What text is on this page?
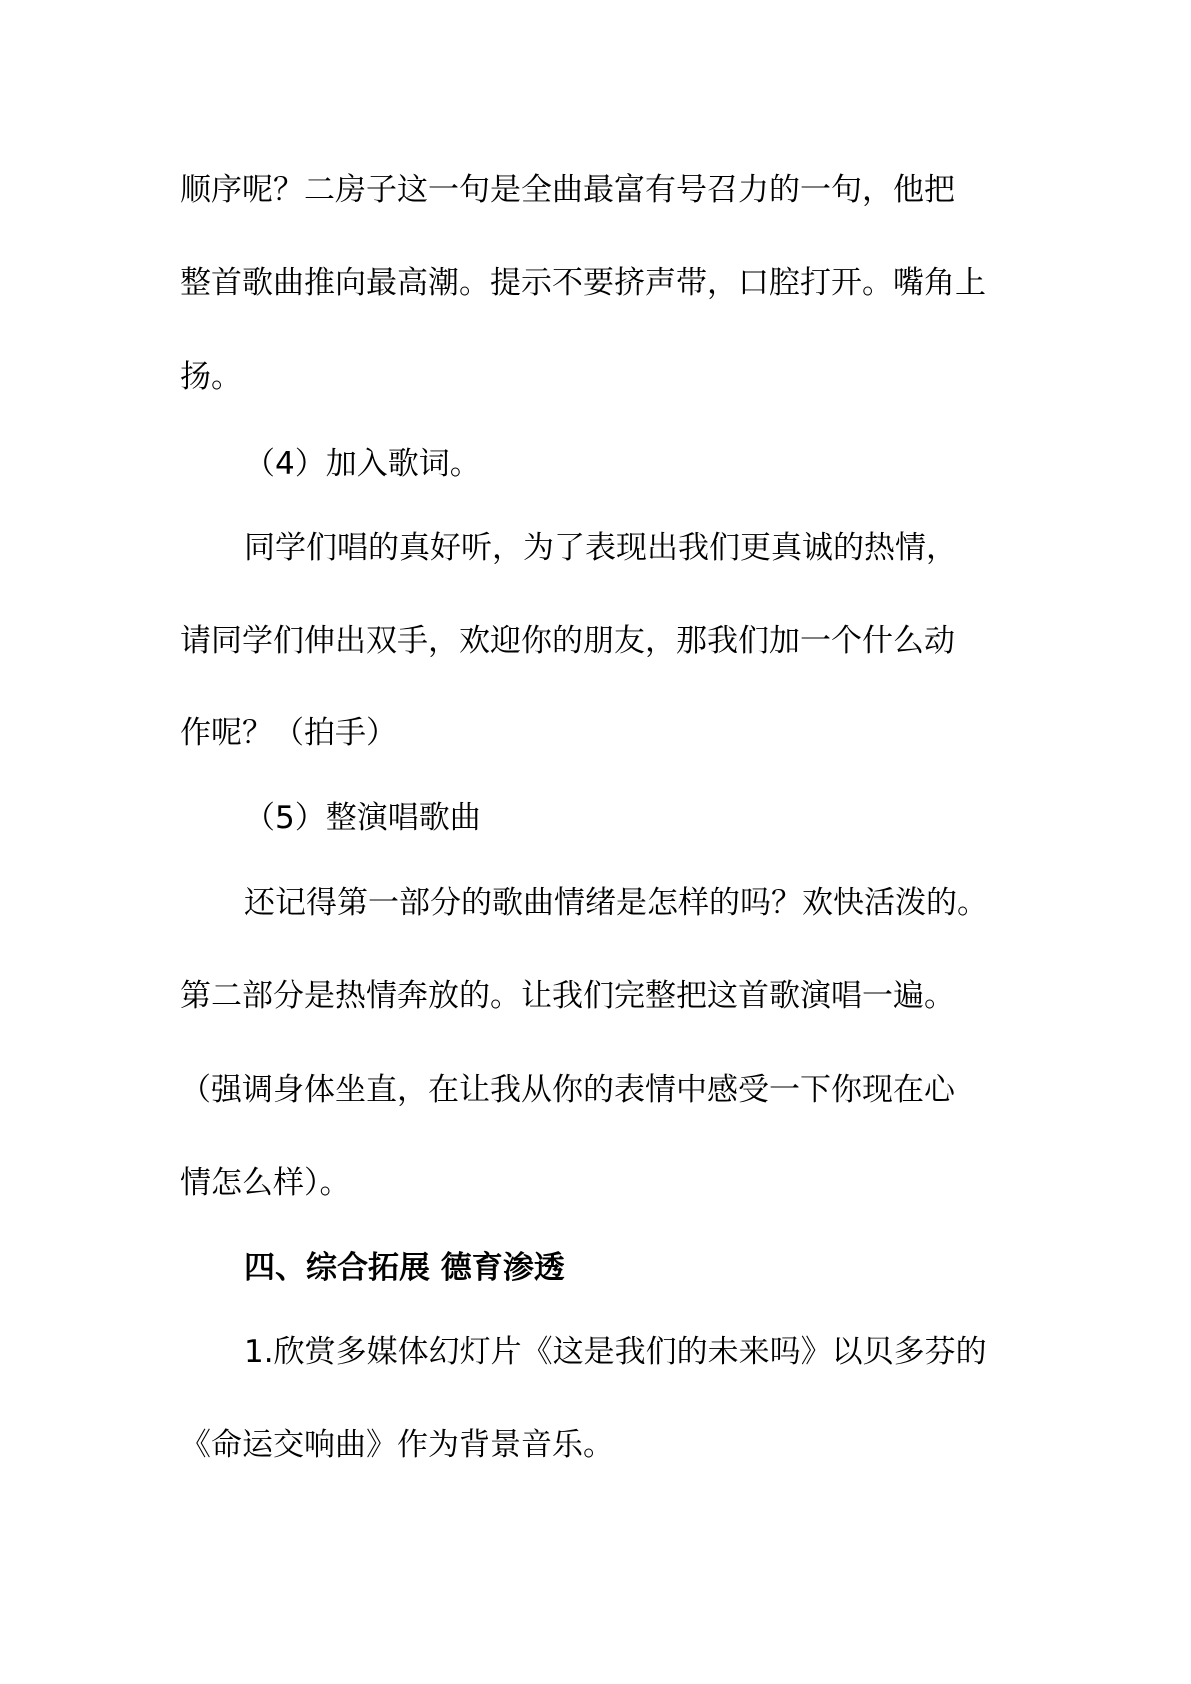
顺序呢？二房子这一句是全曲最富有号召力的一句，他把
整首歌曲推向最高潮。提示不要挤声带，口腔打开。嘴角上
扬。
（4）加入歌词。
同学们唱的真好听，为了表现出我们更真诚的热情，
请同学们伸出双手，欢迎你的朋友，那我们加一个什么动
作呢？（拍手）
（5）整演唱歌曲
还记得第一部分的歌曲情绪是怎样的吗？欢快活泼的。
第二部分是热情奔放的。让我们完整把这首歌演唱一遍。
（强调身体坐直，在让我从你的表情中感受一下你现在心
情怎么样）。
四、综合拓展 德育渗透
1.欣赏多媒体幻灯片《这是我们的未来吗》以贝多芬的
《命运交响曲》作为背景音乐。
